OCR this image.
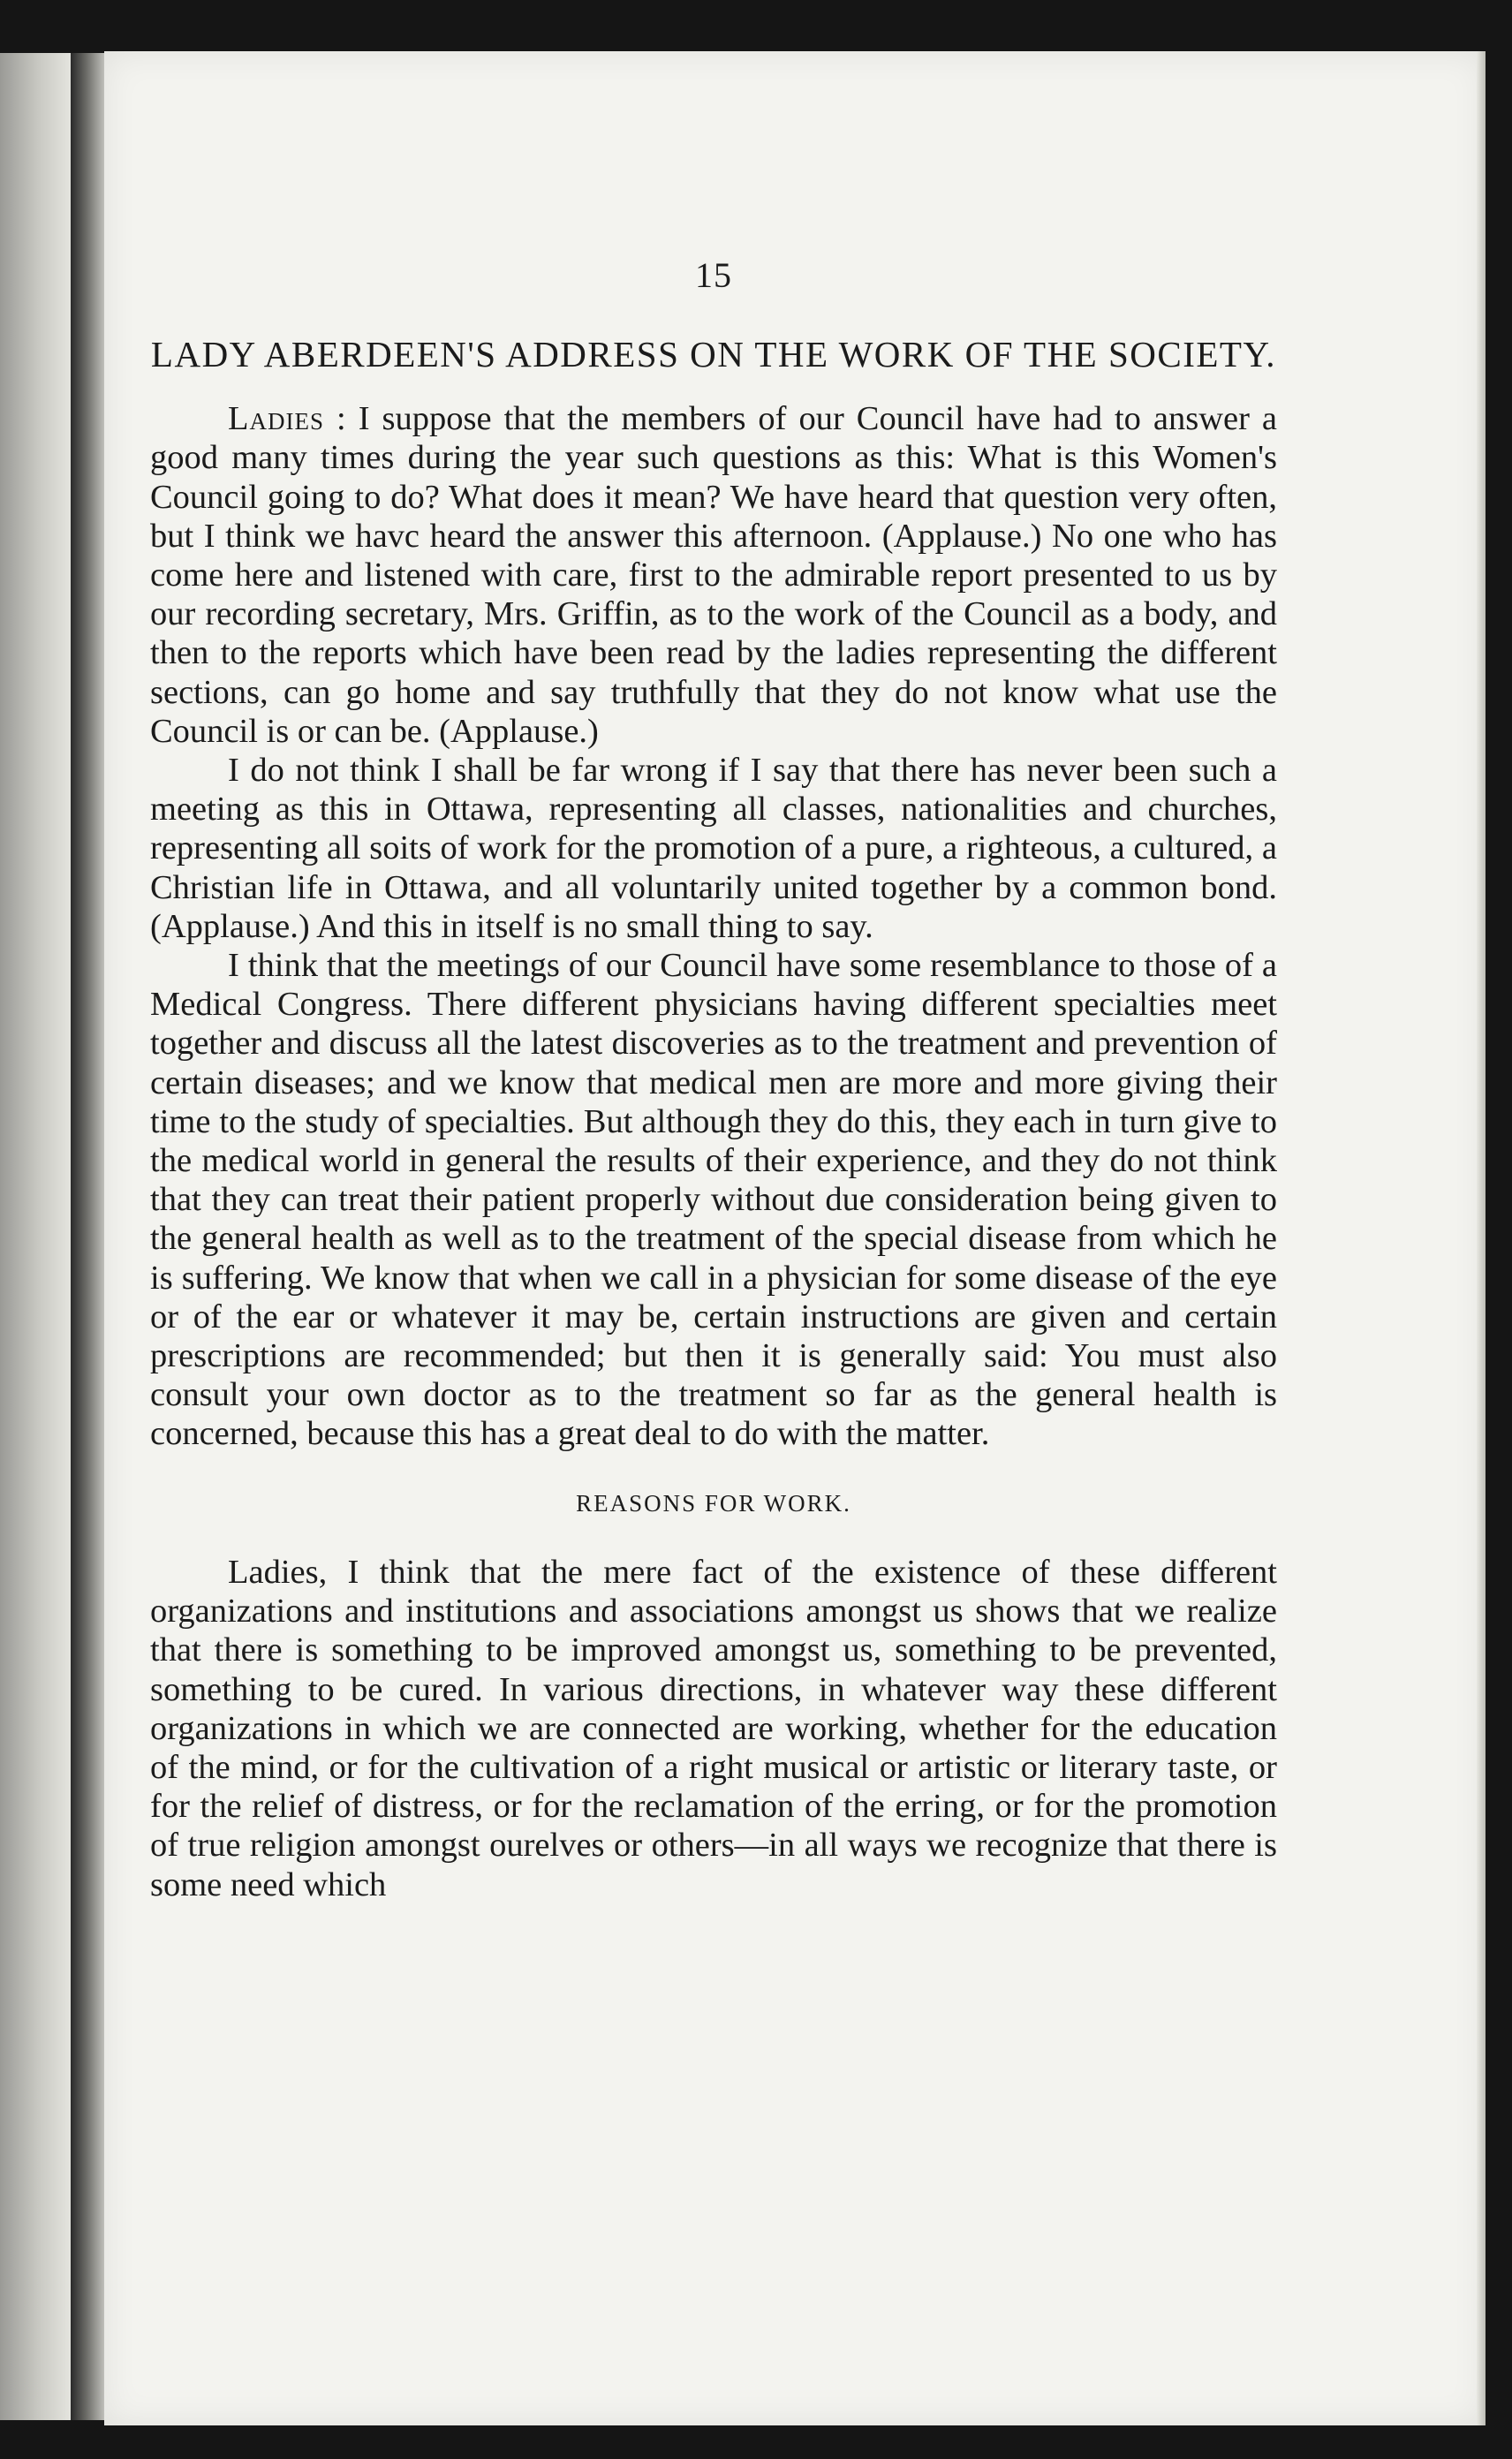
15
LADY ABERDEEN'S ADDRESS ON THE WORK OF THE SOCIETY.

Ladies : I suppose that the members of our Council have had to answer a good many times during the year such questions as this: What is this Women's Council going to do? What does it mean? We have heard that question very often, but I think we havc heard the answer this afternoon. (Applause.) No one who has come here and listened with care, first to the admirable report presented to us by our recording secretary, Mrs. Griffin, as to the work of the Council as a body, and then to the reports which have been read by the ladies representing the different sections, can go home and say truthfully that they do not know what use the Council is or can be. (Applause.)

I do not think I shall be far wrong if I say that there has never been such a meeting as this in Ottawa, representing all classes, nationalities and churches, representing all soits of work for the promotion of a pure, a righteous, a cultured, a Christian life in Ottawa, and all voluntarily united together by a common bond. (Applause.) And this in itself is no small thing to say.

I think that the meetings of our Council have some resemblance to those of a Medical Congress. There different physicians having different specialties meet together and discuss all the latest discoveries as to the treatment and prevention of certain diseases; and we know that medical men are more and more giving their time to the study of specialties. But although they do this, they each in turn give to the medical world in general the results of their experience, and they do not think that they can treat their patient properly without due consideration being given to the general health as well as to the treatment of the special disease from which he is suffering. We know that when we call in a physician for some disease of the eye or of the ear or whatever it may be, certain instructions are given and certain prescriptions are recommended; but then it is generally said: You must also consult your own doctor as to the treatment so far as the general health is concerned, because this has a great deal to do with the matter.

REASONS FOR WORK.

Ladies, I think that the mere fact of the existence of these different organizations and institutions and associations amongst us shows that we realize that there is something to be improved amongst us, something to be prevented, something to be cured. In various directions, in whatever way these different organizations in which we are connected are working, whether for the education of the mind, or for the cultivation of a right musical or artistic or literary taste, or for the relief of distress, or for the reclamation of the erring, or for the promotion of true religion amongst ourelves or others—in all ways we recognize that there is some need which
